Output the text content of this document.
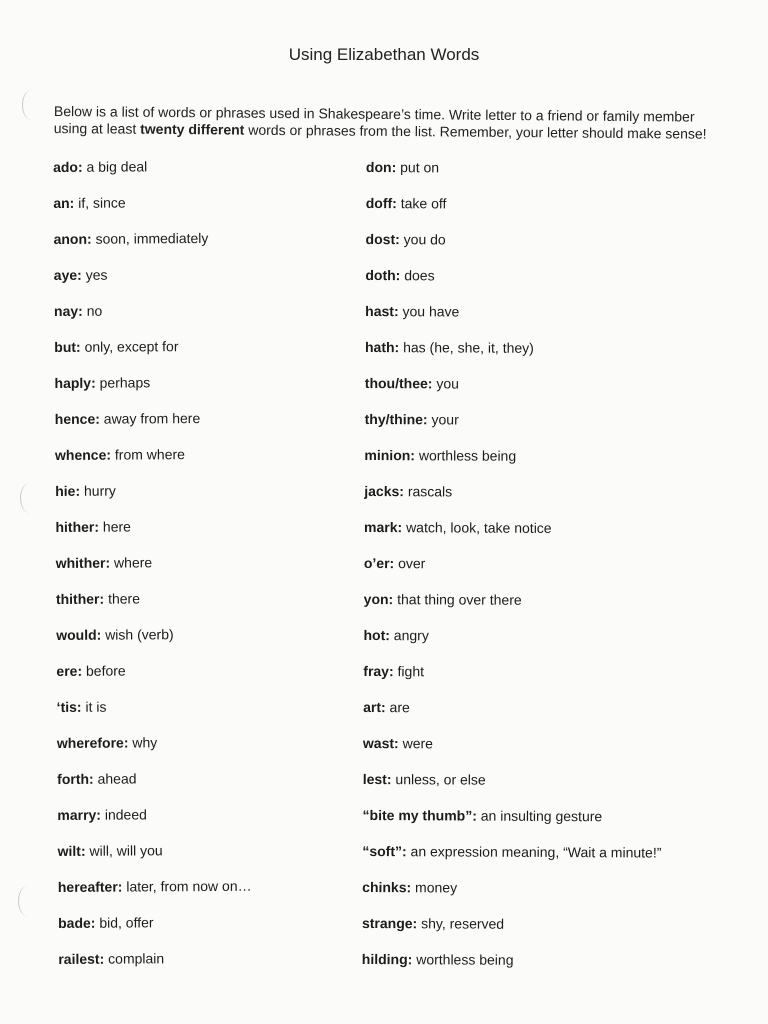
Using Elizabethan Words

Below is a list of words or phrases used in Shakespeare’s time. Write letter to a friend or family member using at least twenty different words or phrases from the list. Remember, your letter should make sense!

ado: a big deal
an: if, since
anon: soon, immediately
aye: yes
nay: no
but: only, except for
haply: perhaps
hence: away from here
whence: from where
hie: hurry
hither: here
whither: where
thither: there
would: wish (verb)
ere: before
‘tis: it is
wherefore: why
forth: ahead
marry: indeed
wilt: will, will you
hereafter: later, from now on…
bade: bid, offer
railest: complain
don: put on
doff: take off
dost: you do
doth: does
hast: you have
hath: has (he, she, it, they)
thou/thee: you
thy/thine: your
minion: worthless being
jacks: rascals
mark: watch, look, take notice
o’er: over
yon: that thing over there
hot: angry
fray: fight
art: are
wast: were
lest: unless, or else
“bite my thumb”: an insulting gesture
“soft”: an expression meaning, “Wait a minute!”
chinks: money
strange: shy, reserved
hilding: worthless being
